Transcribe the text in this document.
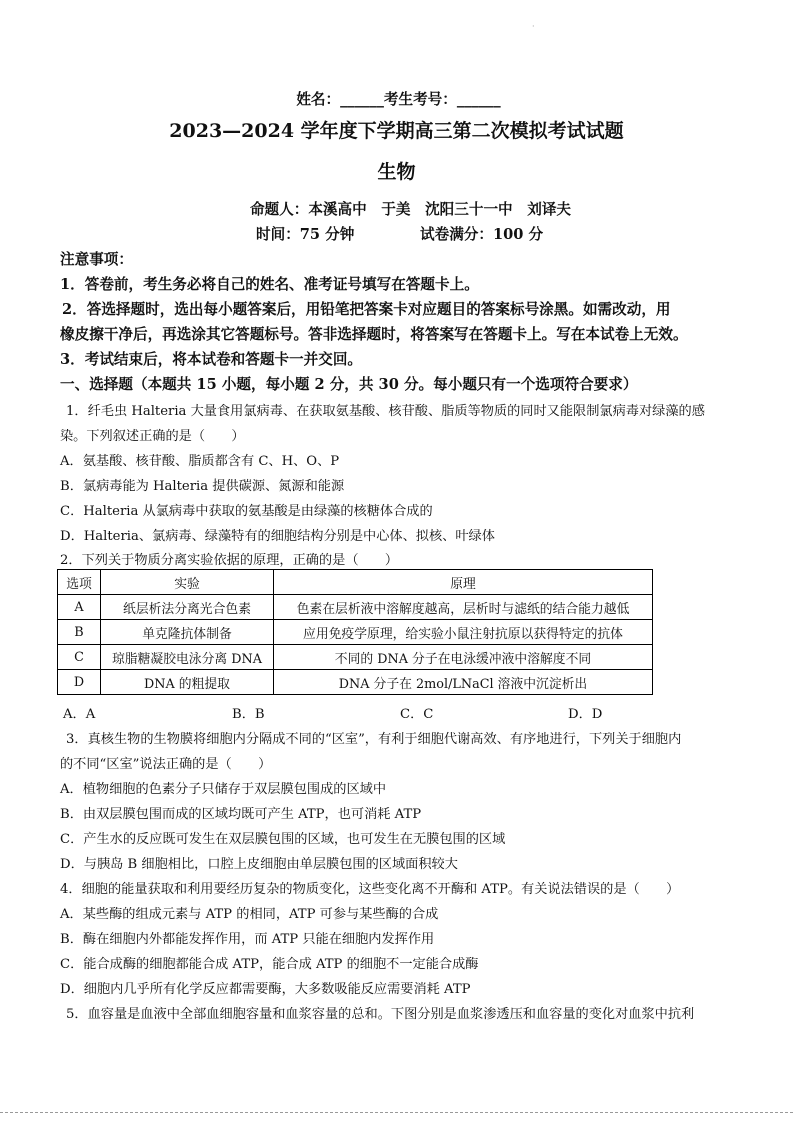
·
姓名：______考生考号：______
2023—2024 学年度下学期高三第二次模拟考试试题
生物
命题人：本溪高中　于美　沈阳三十一中　刘译夫
时间：75 分钟	试卷满分：100 分
注意事项：
1．答卷前，考生务必将自己的姓名、准考证号填写在答题卡上。
2．答选择题时，选出每小题答案后，用铅笔把答案卡对应题目的答案标号涂黑。如需改动，用
橡皮擦干净后，再选涂其它答题标号。答非选择题时，将答案写在答题卡上。写在本试卷上无效。
3．考试结束后，将本试卷和答题卡一并交回。
一、选择题（本题共 15 小题，每小题 2 分，共 30 分。每小题只有一个选项符合要求）
1．纤毛虫 Halteria 大量食用氯病毒、在获取氨基酸、核苷酸、脂质等物质的同时又能限制氯病毒对绿藻的感
染。下列叙述正确的是（　　）
A．氨基酸、核苷酸、脂质都含有 C、H、O、P
B．氯病毒能为 Halteria 提供碳源、氮源和能源
C．Halteria 从氯病毒中获取的氨基酸是由绿藻的核糖体合成的
D．Halteria、氯病毒、绿藻特有的细胞结构分别是中心体、拟核、叶绿体
2．下列关于物质分离实验依据的原理，正确的是（　　）
选项	实验	原理
A	纸层析法分离光合色素	色素在层析液中溶解度越高，层析时与滤纸的结合能力越低
B	单克隆抗体制备	应用免疫学原理，给实验小鼠注射抗原以获得特定的抗体
C	琼脂糖凝胶电泳分离 DNA	不同的 DNA 分子在电泳缓冲液中溶解度不同
D	DNA 的粗提取	DNA 分子在 2mol/LNaCl 溶液中沉淀析出
A．A	B．B	C．C	D．D
3．真核生物的生物膜将细胞内分隔成不同的“区室”，有利于细胞代谢高效、有序地进行，下列关于细胞内
的不同“区室”说法正确的是（　　）
A．植物细胞的色素分子只储存于双层膜包围成的区域中
B．由双层膜包围而成的区域均既可产生 ATP，也可消耗 ATP
C．产生水的反应既可发生在双层膜包围的区域，也可发生在无膜包围的区域
D．与胰岛 B 细胞相比，口腔上皮细胞由单层膜包围的区域面积较大
4．细胞的能量获取和利用要经历复杂的物质变化，这些变化离不开酶和 ATP。有关说法错误的是（　　）
A．某些酶的组成元素与 ATP 的相同，ATP 可参与某些酶的合成
B．酶在细胞内外都能发挥作用，而 ATP 只能在细胞内发挥作用
C．能合成酶的细胞都能合成 ATP，能合成 ATP 的细胞不一定能合成酶
D．细胞内几乎所有化学反应都需要酶，大多数吸能反应需要消耗 ATP
5．血容量是血液中全部血细胞容量和血浆容量的总和。下图分别是血浆渗透压和血容量的变化对血浆中抗利
